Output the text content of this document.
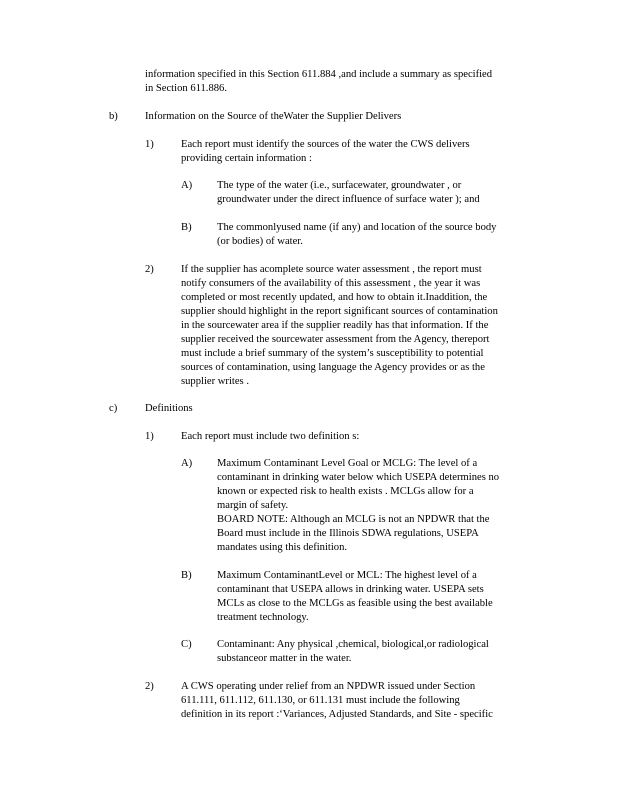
information specified in this Section 611.884 ,and include a summary as specified
in Section 611.886.
b)	Information on the Source of theWater the Supplier Delivers
1)	Each report must identify the sources of the water the CWS delivers
providing certain information :
A) The type of the water (i.e., surfacewater, groundwater , or
groundwater under the direct influence of surface water ); and
B) The commonlyused name (if any) and location of the source body
(or bodies) of water.
2)	If the supplier has acomplete source water assessment , the report must
notify consumers of the availability of this assessment , the year it was
completed or most recently updated, and how to obtain it.Inaddition, the
supplier should highlight in the report significant sources of contamination
in the sourcewater area if the supplier readily has that information. If the
supplier received the sourcewater assessment from the Agency, thereport
must include a brief summary of the system’s susceptibility to potential
sources of contamination, using language the Agency provides or as the
supplier writes .
c)	Definitions
1)	Each report must include two definition s:
A) Maximum Contaminant Level Goal or MCLG: The level of a
contaminant in drinking water below which USEPA determines no
known or expected risk to health exists . MCLGs allow for a
margin of safety.
BOARD NOTE: Although an MCLG is not an NPDWR that the
Board must include in the Illinois SDWA regulations, USEPA
mandates using this definition.
B) Maximum ContaminantLevel or MCL: The highest level of a
contaminant that USEPA allows in drinking water. USEPA sets
MCLs as close to the MCLGs as feasible using the best available
treatment technology.
C) Contaminant: Any physical ,chemical, biological,or radiological
substanceor matter in the water.
2)	A CWS operating under relief from an NPDWR issued under Section
611.111, 611.112, 611.130, or 611.131 must include the following
definition in its report :‘Variances, Adjusted Standards, and Site - specific
